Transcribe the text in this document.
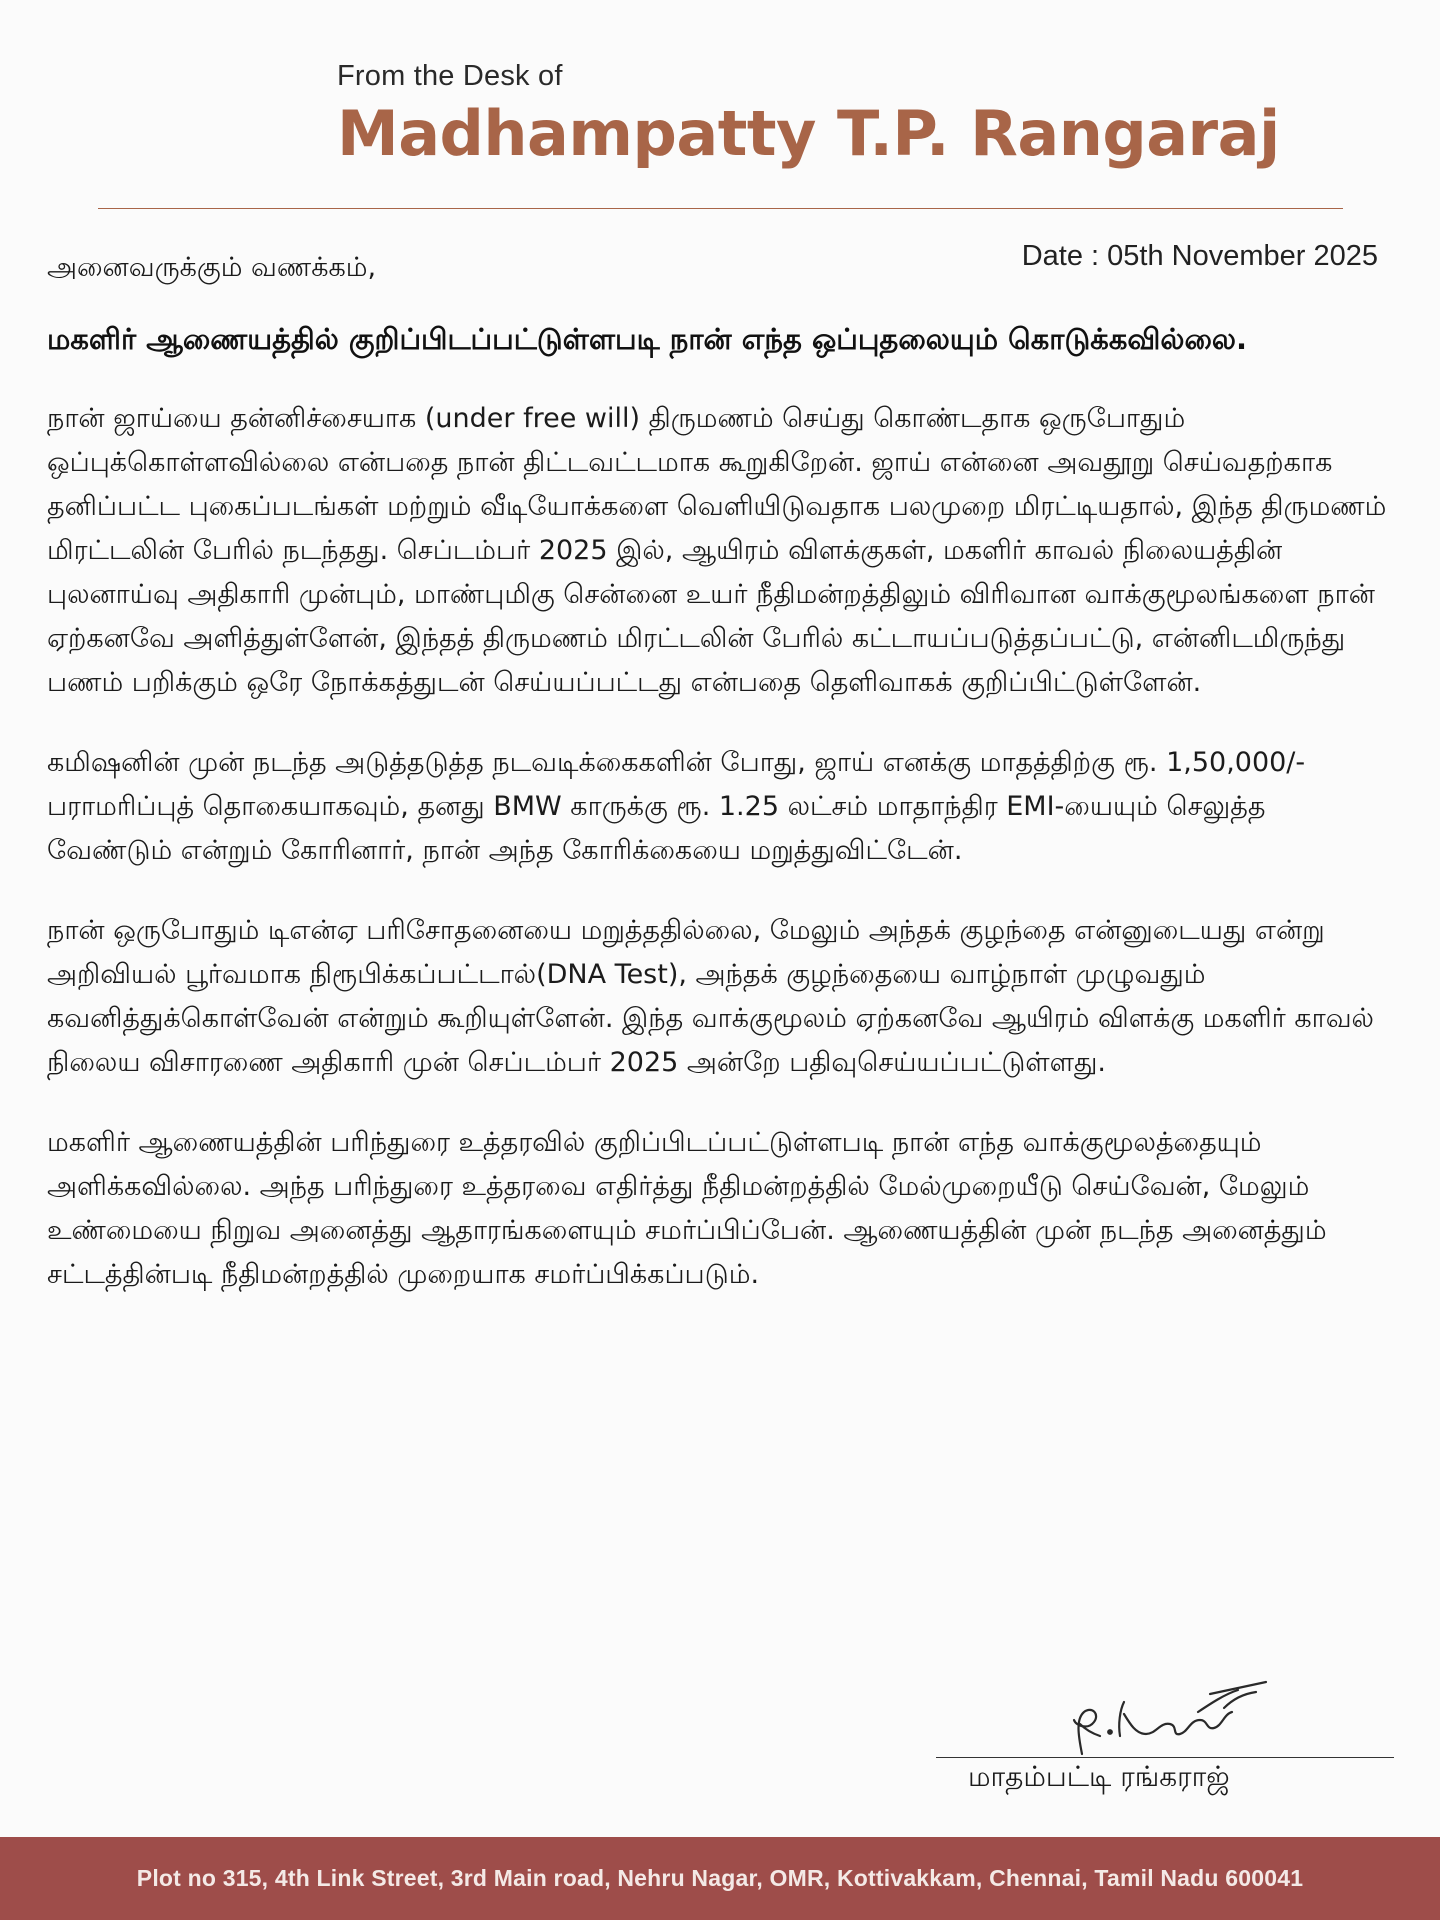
From the Desk of
Madhampatty T.P. Rangaraj
Date : 05th November 2025

அனைவருக்கும் வணக்கம்,

மகளிர் ஆணையத்தில் குறிப்பிடப்பட்டுள்ளபடி நான் எந்த ஒப்புதலையும் கொடுக்கவில்லை.

நான் ஜாய்யை தன்னிச்சையாக (under free will) திருமணம் செய்து கொண்டதாக ஒருபோதும் ஒப்புக்கொள்ளவில்லை என்பதை நான் திட்டவட்டமாக கூறுகிறேன். ஜாய் என்னை அவதூறு செய்வதற்காக தனிப்பட்ட புகைப்படங்கள் மற்றும் வீடியோக்களை வெளியிடுவதாக பலமுறை மிரட்டியதால், இந்த திருமணம் மிரட்டலின் பேரில் நடந்தது. செப்டம்பர் 2025 இல், ஆயிரம் விளக்குகள், மகளிர் காவல் நிலையத்தின் புலனாய்வு அதிகாரி முன்பும், மாண்புமிகு சென்னை உயர் நீதிமன்றத்திலும் விரிவான வாக்குமூலங்களை நான் ஏற்கனவே அளித்துள்ளேன், இந்தத் திருமணம் மிரட்டலின் பேரில் கட்டாயப்படுத்தப்பட்டு, என்னிடமிருந்து பணம் பறிக்கும் ஒரே நோக்கத்துடன் செய்யப்பட்டது என்பதை தெளிவாகக் குறிப்பிட்டுள்ளேன்.

கமிஷனின் முன் நடந்த அடுத்தடுத்த நடவடிக்கைகளின் போது, ஜாய் எனக்கு மாதத்திற்கு ரூ. 1,50,000/- பராமரிப்புத் தொகையாகவும், தனது BMW காருக்கு ரூ. 1.25 லட்சம் மாதாந்திர EMI-யையும் செலுத்த வேண்டும் என்றும் கோரினார், நான் அந்த கோரிக்கையை மறுத்துவிட்டேன்.

நான் ஒருபோதும் டிஎன்ஏ பரிசோதனையை மறுத்ததில்லை, மேலும் அந்தக் குழந்தை என்னுடையது என்று அறிவியல் பூர்வமாக நிரூபிக்கப்பட்டால்(DNA Test), அந்தக் குழந்தையை வாழ்நாள் முழுவதும் கவனித்துக்கொள்வேன் என்றும் கூறியுள்ளேன். இந்த வாக்குமூலம் ஏற்கனவே ஆயிரம் விளக்கு மகளிர் காவல் நிலைய விசாரணை அதிகாரி முன் செப்டம்பர் 2025 அன்றே பதிவுசெய்யப்பட்டுள்ளது.

மகளிர் ஆணையத்தின் பரிந்துரை உத்தரவில் குறிப்பிடப்பட்டுள்ளபடி நான் எந்த வாக்குமூலத்தையும் அளிக்கவில்லை. அந்த பரிந்துரை உத்தரவை எதிர்த்து நீதிமன்றத்தில் மேல்முறையீடு செய்வேன், மேலும் உண்மையை நிறுவ அனைத்து ஆதாரங்களையும் சமர்ப்பிப்பேன். ஆணையத்தின் முன் நடந்த அனைத்தும் சட்டத்தின்படி நீதிமன்றத்தில் முறையாக சமர்ப்பிக்கப்படும்.

மாதம்பட்டி ரங்கராஜ்
Plot no 315, 4th Link Street, 3rd Main road, Nehru Nagar, OMR, Kottivakkam, Chennai, Tamil Nadu 600041
